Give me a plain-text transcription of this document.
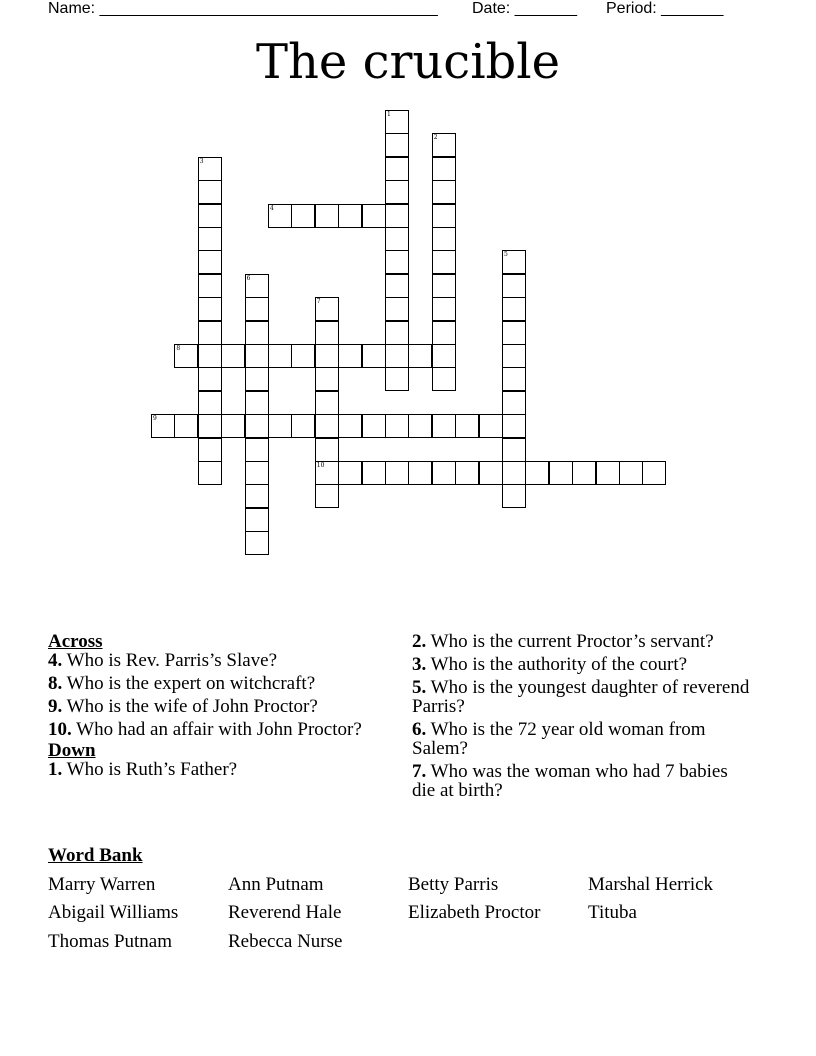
Name: ______________________________________ Date: _______ Period: _______
The crucible
1
2
3
4
5
6
7
10
8
9
Across
4. Who is Rev. Parris’s Slave?
8. Who is the expert on witchcraft?
9. Who is the wife of John Proctor?
10. Who had an affair with John Proctor?
Down
1. Who is Ruth’s Father?
2. Who is the current Proctor’s servant?
3. Who is the authority of the court?
5. Who is the youngest daughter of reverend Parris?
6. Who is the 72 year old woman from Salem?
7. Who was the woman who had 7 babies die at birth?
Word Bank
Marry Warren	Ann Putnam	Betty Parris	Marshal Herrick
Abigail Williams	Reverend Hale	Elizabeth Proctor	Tituba
Thomas Putnam	Rebecca Nurse
